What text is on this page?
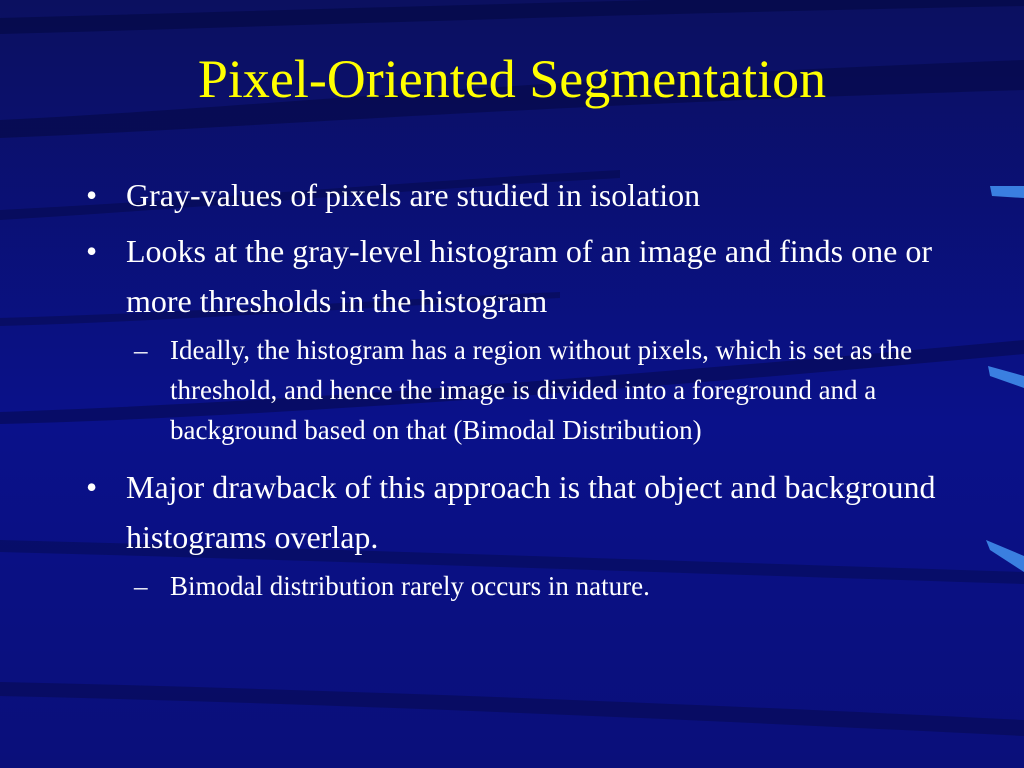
Pixel-Oriented Segmentation
• Gray-values of pixels are studied in isolation
• Looks at the gray-level histogram of an image and finds one or more thresholds in the histogram
– Ideally, the histogram has a region without pixels, which is set as the threshold, and hence the image is divided into a foreground and a background based on that (Bimodal Distribution)
• Major drawback of this approach is that object and background histograms overlap.
– Bimodal distribution rarely occurs in nature.
